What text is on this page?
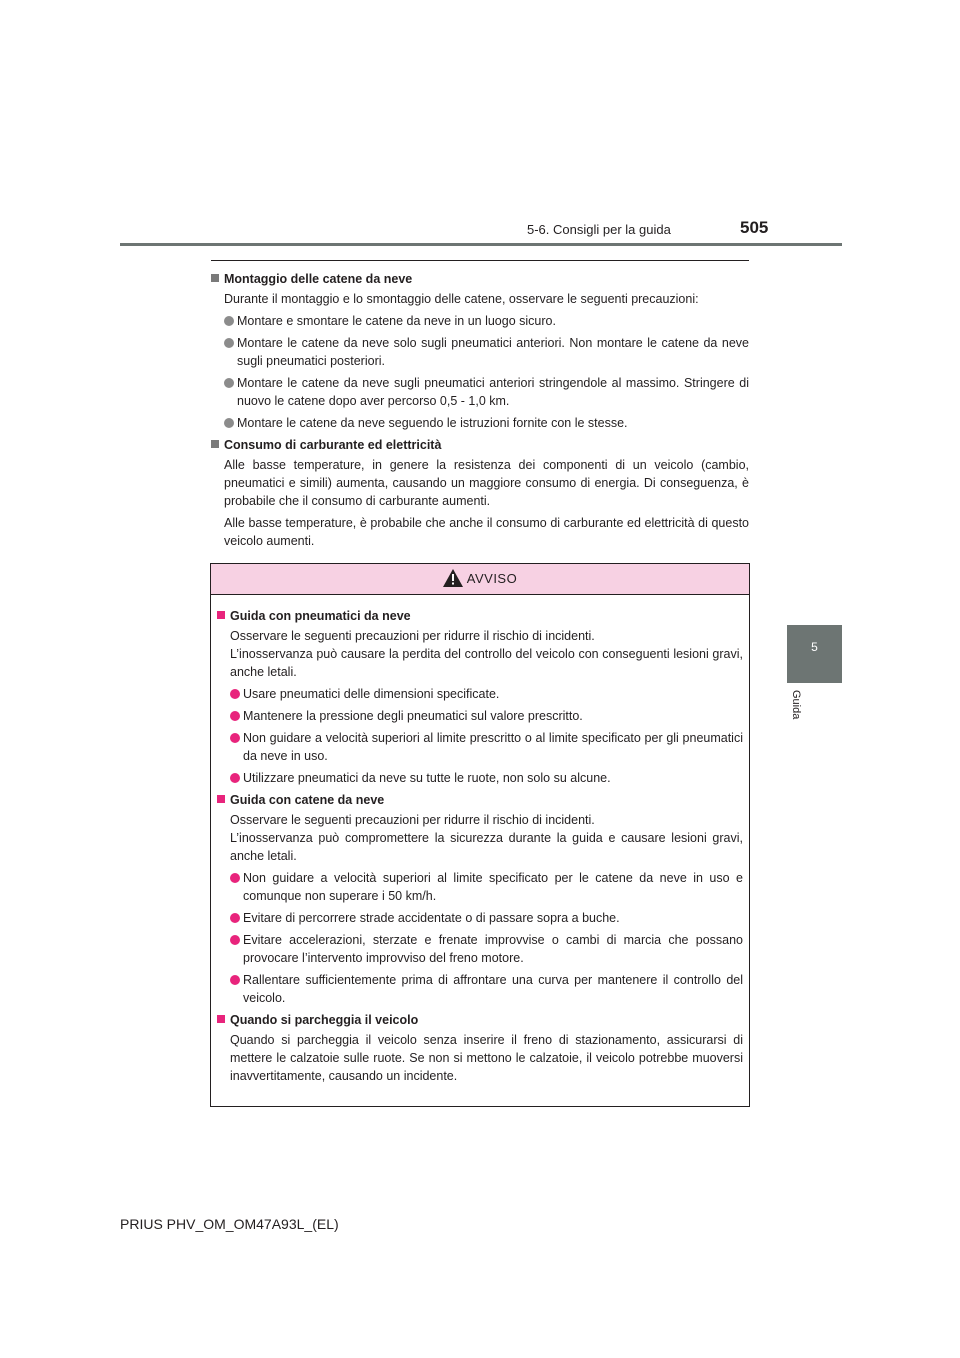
5-6. Consigli per la guida	505
5
Guida
Montaggio delle catene da neve
Durante il montaggio e lo smontaggio delle catene, osservare le seguenti precauzioni:
Montare e smontare le catene da neve in un luogo sicuro.
Montare le catene da neve solo sugli pneumatici anteriori. Non montare le catene da neve sugli pneumatici posteriori.
Montare le catene da neve sugli pneumatici anteriori stringendole al massimo. Stringere di nuovo le catene dopo aver percorso 0,5 - 1,0 km.
Montare le catene da neve seguendo le istruzioni fornite con le stesse.
Consumo di carburante ed elettricità
Alle basse temperature, in genere la resistenza dei componenti di un veicolo (cambio, pneumatici e simili) aumenta, causando un maggiore consumo di energia. Di conseguenza, è probabile che il consumo di carburante aumenti.
Alle basse temperature, è probabile che anche il consumo di carburante ed elettricità di questo veicolo aumenti.
AVVISO
Guida con pneumatici da neve
Osservare le seguenti precauzioni per ridurre il rischio di incidenti.
L’inosservanza può causare la perdita del controllo del veicolo con conseguenti lesioni gravi, anche letali.
Usare pneumatici delle dimensioni specificate.
Mantenere la pressione degli pneumatici sul valore prescritto.
Non guidare a velocità superiori al limite prescritto o al limite specificato per gli pneumatici da neve in uso.
Utilizzare pneumatici da neve su tutte le ruote, non solo su alcune.
Guida con catene da neve
Osservare le seguenti precauzioni per ridurre il rischio di incidenti.
L’inosservanza può compromettere la sicurezza durante la guida e causare lesioni gravi, anche letali.
Non guidare a velocità superiori al limite specificato per le catene da neve in uso e comunque non superare i 50 km/h.
Evitare di percorrere strade accidentate o di passare sopra a buche.
Evitare accelerazioni, sterzate e frenate improvvise o cambi di marcia che possano provocare l’intervento improvviso del freno motore.
Rallentare sufficientemente prima di affrontare una curva per mantenere il controllo del veicolo.
Quando si parcheggia il veicolo
Quando si parcheggia il veicolo senza inserire il freno di stazionamento, assicurarsi di mettere le calzatoie sulle ruote. Se non si mettono le calzatoie, il veicolo potrebbe muoversi inavvertitamente, causando un incidente.
PRIUS PHV_OM_OM47A93L_(EL)
